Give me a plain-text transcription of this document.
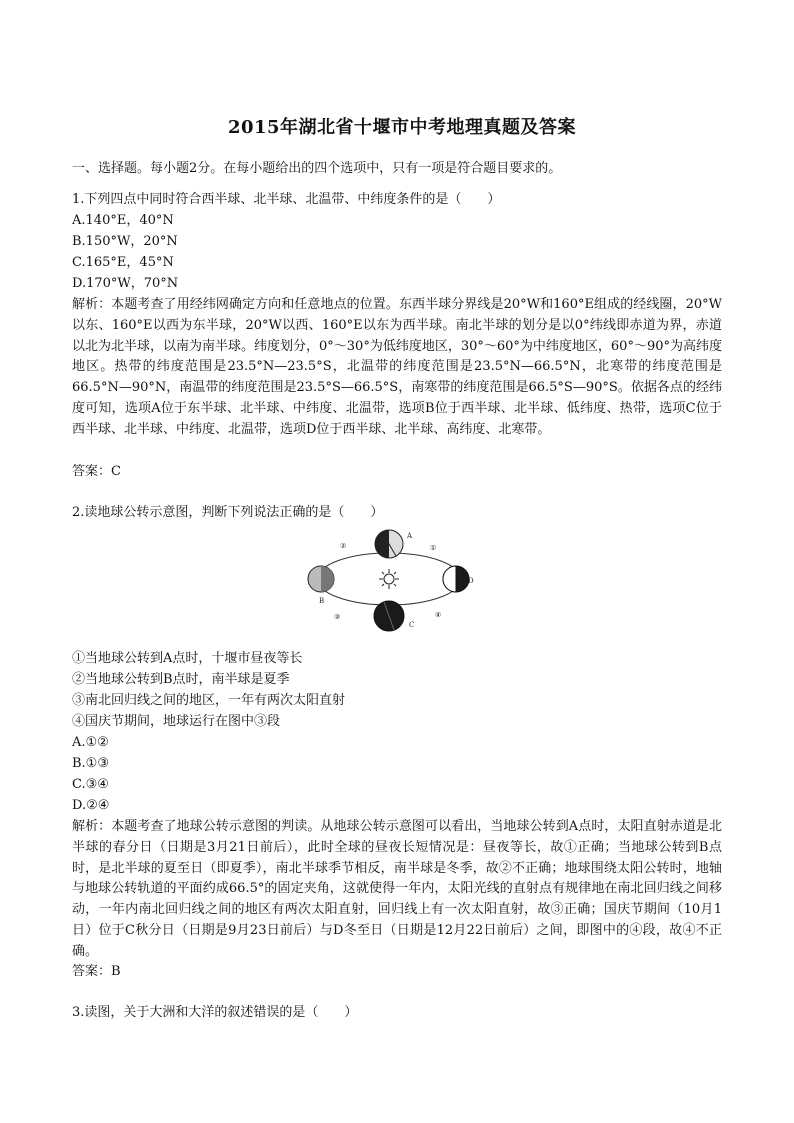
2015年湖北省十堰市中考地理真题及答案
一、选择题。每小题2分。在每小题给出的四个选项中，只有一项是符合题目要求的。
1.下列四点中同时符合西半球、北半球、北温带、中纬度条件的是（　　）
A.140°E，40°N
B.150°W，20°N
C.165°E，45°N
D.170°W，70°N
解析：本题考查了用经纬网确定方向和任意地点的位置。东西半球分界线是20°W和160°E组成的经线圈，20°W以东、160°E以西为东半球，20°W以西、160°E以东为西半球。南北半球的划分是以0°纬线即赤道为界，赤道以北为北半球，以南为南半球。纬度划分，0°～30°为低纬度地区，30°～60°为中纬度地区，60°～90°为高纬度地区。热带的纬度范围是23.5°N—23.5°S，北温带的纬度范围是23.5°N—66.5°N，北寒带的纬度范围是66.5°N—90°N，南温带的纬度范围是23.5°S—66.5°S，南寒带的纬度范围是66.5°S—90°S。依据各点的经纬度可知，选项A位于东半球、北半球、中纬度、北温带，选项B位于西半球、北半球、低纬度、热带，选项C位于西半球、北半球、中纬度、北温带，选项D位于西半球、北半球、高纬度、北寒带。
答案：C
2.读地球公转示意图，判断下列说法正确的是（　　）
A
B
C
D
①
②
③	④
①当地球公转到A点时，十堰市昼夜等长
②当地球公转到B点时，南半球是夏季
③南北回归线之间的地区，一年有两次太阳直射
④国庆节期间，地球运行在图中③段
A.①②
B.①③
C.③④
D.②④
解析：本题考查了地球公转示意图的判读。从地球公转示意图可以看出，当地球公转到A点时，太阳直射赤道是北半球的春分日（日期是3月21日前后），此时全球的昼夜长短情况是：昼夜等长，故①正确；当地球公转到B点时，是北半球的夏至日（即夏季），南北半球季节相反，南半球是冬季，故②不正确；地球围绕太阳公转时，地轴与地球公转轨道的平面约成66.5°的固定夹角，这就使得一年内，太阳光线的直射点有规律地在南北回归线之间移动，一年内南北回归线之间的地区有两次太阳直射，回归线上有一次太阳直射，故③正确；国庆节期间（10月1日）位于C秋分日（日期是9月23日前后）与D冬至日（日期是12月22日前后）之间，即图中的④段，故④不正确。
答案：B
3.读图，关于大洲和大洋的叙述错误的是（　　）
